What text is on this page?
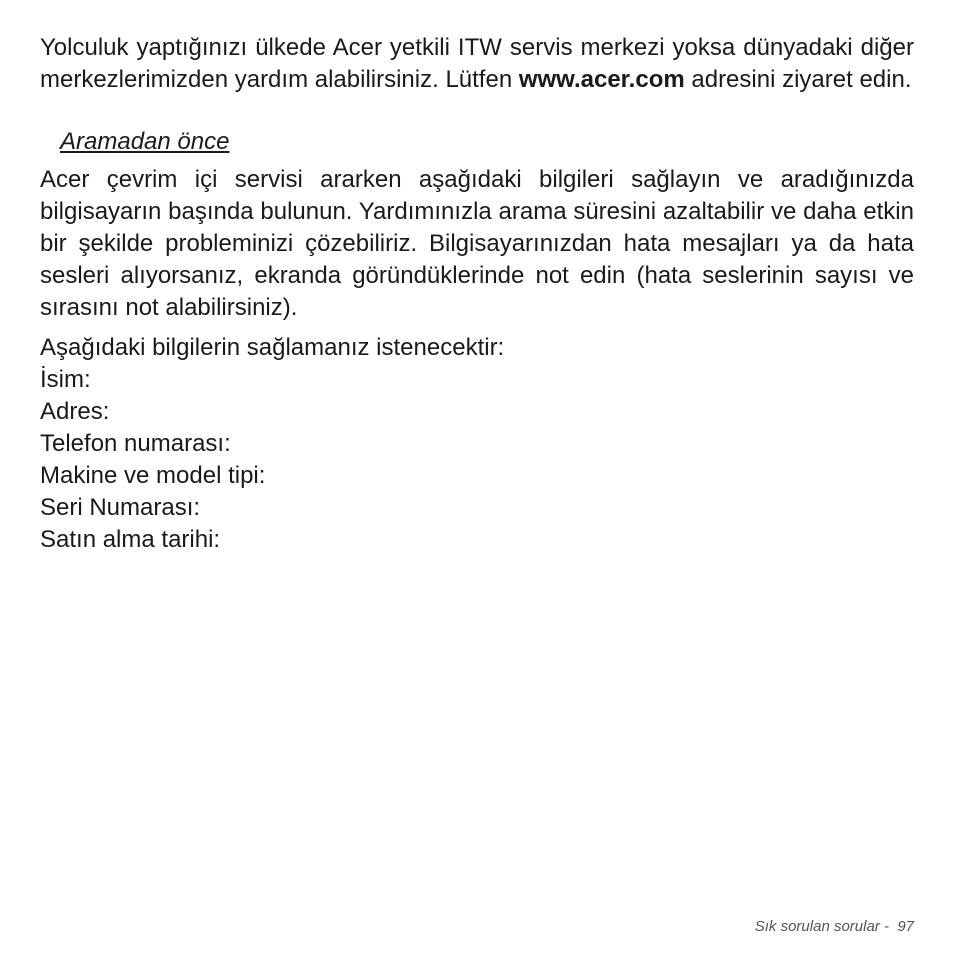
Yolculuk yaptığınızı ülkede Acer yetkili ITW servis merkezi yoksa dünyadaki diğer merkezlerimizden yardım alabilirsiniz. Lütfen www.acer.com adresini ziyaret edin.

Aramadan önce

Acer çevrim içi servisi ararken aşağıdaki bilgileri sağlayın ve aradığınızda bilgisayarın başında bulunun. Yardımınızla arama süresini azaltabilir ve daha etkin bir şekilde probleminizi çözebiliriz. Bilgisayarınızdan hata mesajları ya da hata sesleri alıyorsanız, ekranda göründüklerinde not edin (hata seslerinin sayısı ve sırasını not alabilirsiniz).

Aşağıdaki bilgilerin sağlamanız istenecektir:

İsim:
Adres:
Telefon numarası:
Makine ve model tipi:
Seri Numarası:
Satın alma tarihi:
Sık sorulan sorular - 97
